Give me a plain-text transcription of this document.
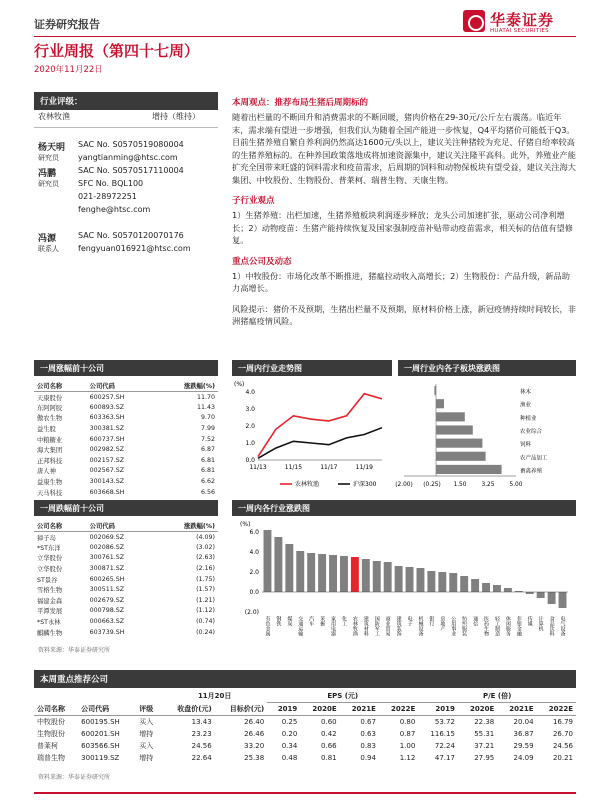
证券研究报告	华泰证券
HUATAI SECURITIES
行业周报（第四十七周）
2020年11月22日
行业评级：
农林牧渔	增持（维持）
杨天明
研究员
SAC No. S0570519080004
yangtianming@htsc.com
冯鹏
研究员
SAC No. S0570517110004
SFC No. BQL100
021-28972251
fenghe@htsc.com
冯源
联系人
SAC No. S0570120070176
fengyuan016921@htsc.com
本周观点：推荐布局生猪后周期标的
随着出栏量的不断回升和消费需求的不断回暖，猪肉价格在29-30元/公斤左右震荡。临近年末，需求端有望进一步增强，但我们认为随着全国产能进一步恢复，Q4平均猪价可能低于Q3。目前生猪养殖自繁自养利润仍然高达1600元/头以上，建议关注种猪较为充足、仔猪自给率较高的生猪养殖标的。在种养国政策落地成将加速资源集中，建议关注隆平高科。此外，养殖业产能扩充全国带来旺盛的饲料需求和疫苗需求，后周期的饲料和动物保板块有望受益，建议关注海大集团、中牧股份、生物股份、普莱柯、瑞普生物、天康生物。
子行业观点
1）生猪养殖：出栏加速，生猪养殖板块利润逐步释放；龙头公司加速扩张，驱动公司净利增长；2）动物疫苗：生猪产能持续恢复及国家强制疫苗补贴带动疫苗需求，相关标的估值有望修复。
重点公司及动态
1）中牧股份：市场化改革不断推进，猪瘟拉动收入高增长；2）生物股份：产品升级，新品助力高增长。
风险提示：猪价不及预期，生猪出栏量不及预期，原材料价格上涨，新冠疫情持续时间较长，非洲猪瘟疫情风险。
一周涨幅前十公司
公司名称	公司代码	涨跌幅(%)
天康股份	600257.SH	11.70
东阿阿胶	600893.SZ	11.43
傲农生物	603363.SH	9.70
益生股	300381.SZ	7.99
中粮糖业	600737.SH	7.52
海大集团	002982.SZ	6.87
正邦科技	002157.SZ	6.81
唐人神	002567.SZ	6.81
益康生物	300143.SZ	6.62
天马科技	603668.SH	6.56
一周跌幅前十公司
公司名称	公司代码	涨跌幅(%)
獐子岛	002069.SZ	(4.09)
*ST东洋	002086.SZ	(3.02)
立华股份	300761.SZ	(2.63)
立华股份	300871.SZ	(2.16)
ST景谷	600265.SH	(1.75)
雪榕生物	300511.SZ	(1.57)
福建金森	002679.SZ	(1.21)
平潭发展	000798.SZ	(1.12)
*ST永林	000663.SZ	(0.74)
麒麟生物	603739.SH	(0.24)
资料来源：华泰证券研究所
一周内行业走势图
(%)
0.0
1.0
2.0
3.0
4.0
11/13	11/15	11/17	11/19
农林牧渔	沪深300
一周行业内各子板块涨跌图
林木
渔业
种植业
农业综合
饲料
农产品加工
畜禽养殖
(2.00) (0.25) 1.50	3.25	5.00
一周内各行业涨跌图
(%)
(2.0)
0.0
2.0
4.0
6.0
有色金属 钢铁 煤炭 交通运输 汽车 采掘 家用电器 化工 农林牧渔 建筑材料 国防军工 商业贸易 建筑装饰 电子 机械设备 银行 房地产 公用事业 纺织服装 通信 医药生物 轻工制造 休闲服务 非银金融 传媒 计算机 食品饮料 电气设备
本周重点推荐公司
			11月20日		EPS (元)				P/E (倍)			
公司名称	公司代码	评级	收盘价(元)	目标价(元)	2019	2020E	2021E	2022E	2019	2020E	2021E	2022E
中牧股份	600195.SH	买入	13.43	26.40	0.25	0.60	0.67	0.80	53.72	22.38	20.04	16.79
生物股份	600201.SH	增持	23.23	26.46	0.20	0.42	0.63	0.87	116.15	55.31	36.87	26.70
普莱柯	603566.SH	买入	24.56	33.20	0.34	0.66	0.83	1.00	72.24	37.21	29.59	24.56
瑞普生物	300119.SZ	增持	22.64	25.38	0.48	0.81	0.94	1.12	47.17	27.95	24.09	20.21
资料来源：华泰证券研究所
